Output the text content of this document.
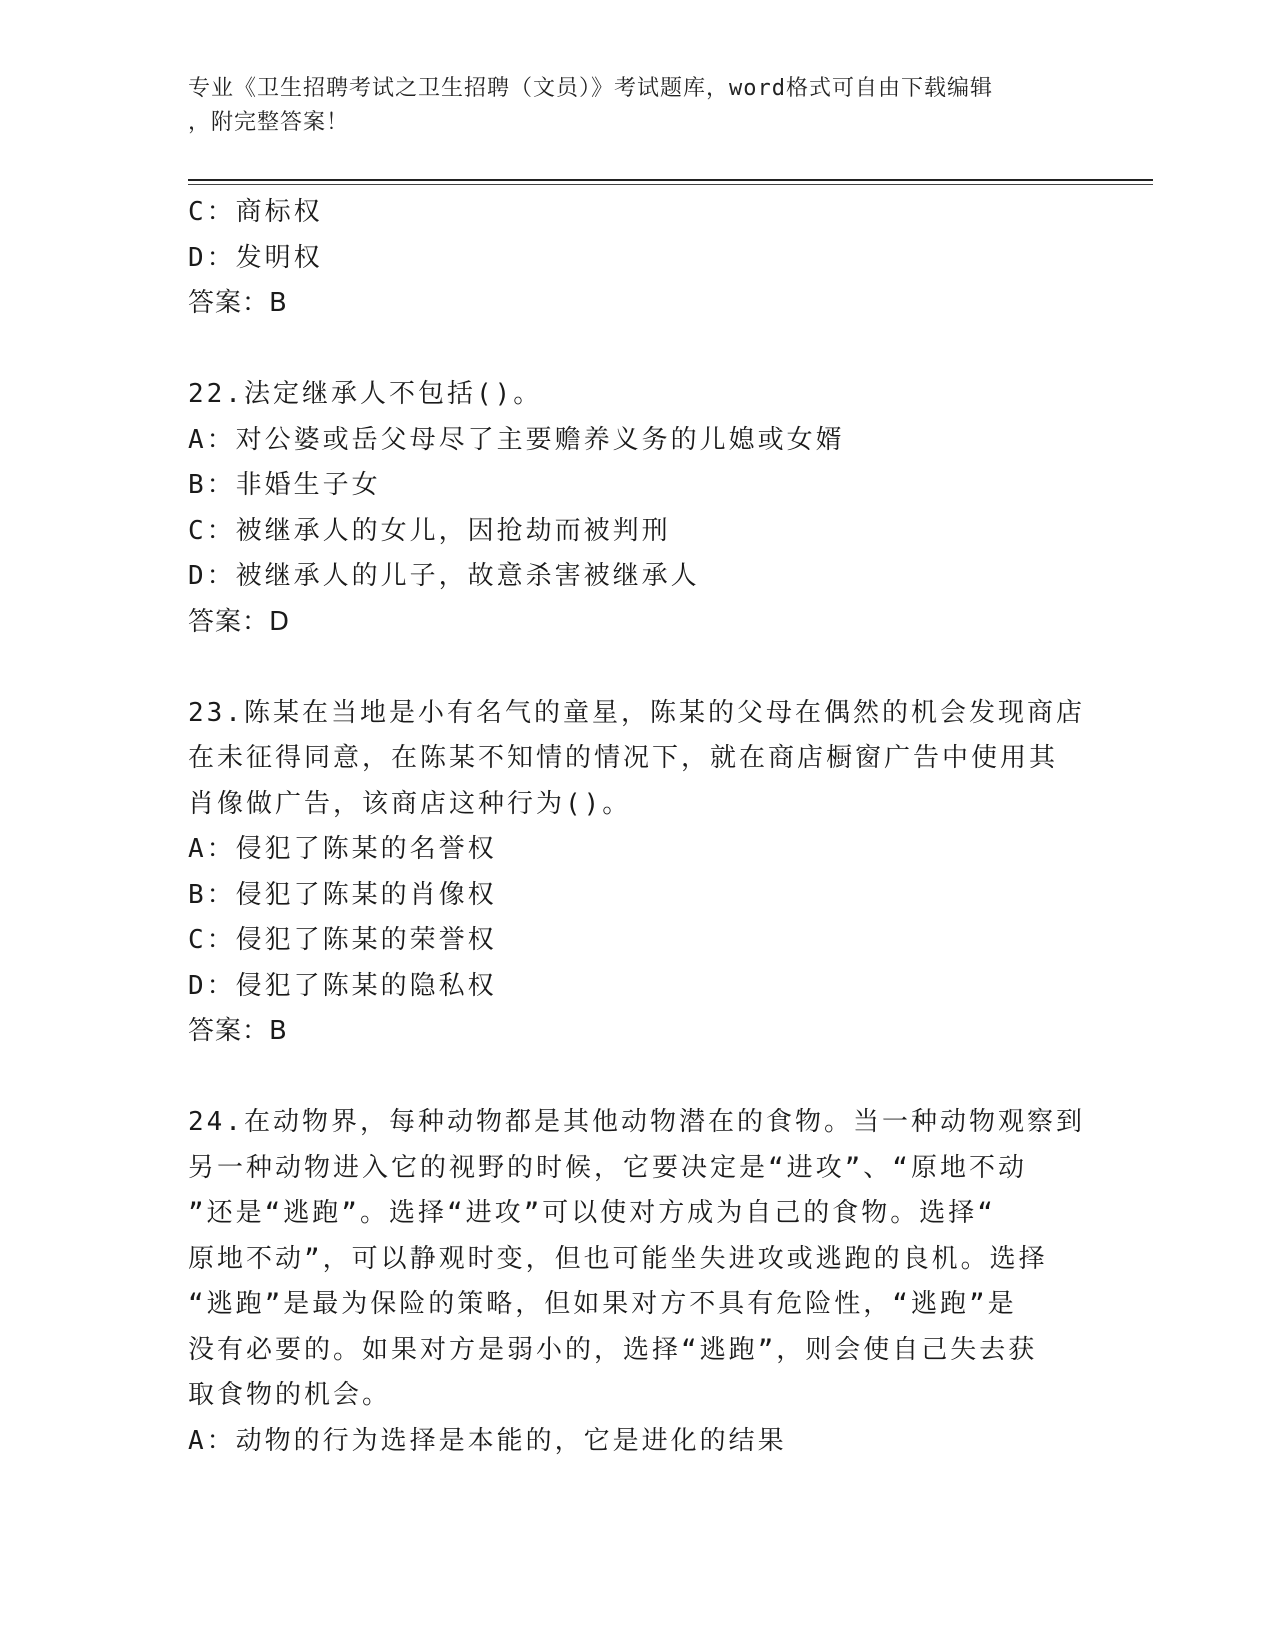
专业《卫生招聘考试之卫生招聘（文员）》考试题库，word格式可自由下载编辑
，附完整答案！
C：商标权
D：发明权
答案：B
22.法定继承人不包括()。
A：对公婆或岳父母尽了主要赡养义务的儿媳或女婿
B：非婚生子女
C：被继承人的女儿，因抢劫而被判刑
D：被继承人的儿子，故意杀害被继承人
答案：D
23.陈某在当地是小有名气的童星，陈某的父母在偶然的机会发现商店
在未征得同意，在陈某不知情的情况下，就在商店橱窗广告中使用其
肖像做广告，该商店这种行为()。
A：侵犯了陈某的名誉权
B：侵犯了陈某的肖像权
C：侵犯了陈某的荣誉权
D：侵犯了陈某的隐私权
答案：B
24.在动物界，每种动物都是其他动物潜在的食物。当一种动物观察到
另一种动物进入它的视野的时候，它要决定是“进攻”、“原地不动
”还是“逃跑”。选择“进攻”可以使对方成为自己的食物。选择“
原地不动”，可以静观时变，但也可能坐失进攻或逃跑的良机。选择
“逃跑”是最为保险的策略，但如果对方不具有危险性，“逃跑”是
没有必要的。如果对方是弱小的，选择“逃跑”，则会使自己失去获
取食物的机会。
A：动物的行为选择是本能的，它是进化的结果
